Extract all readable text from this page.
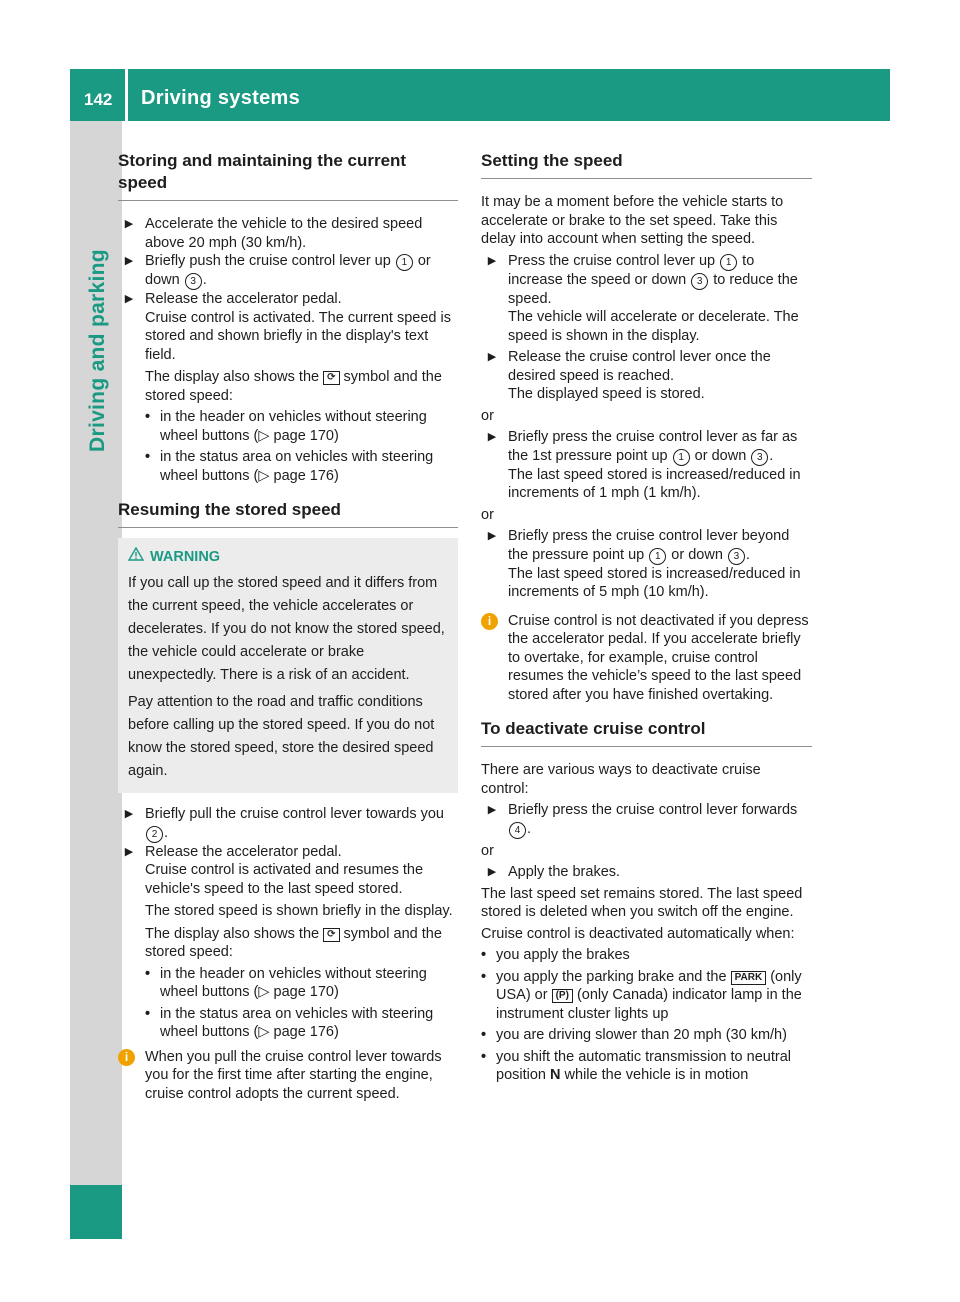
142 Driving systems
Driving and parking
Storing and maintaining the current speed
▶ Accelerate the vehicle to the desired speed above 20 mph (30 km/h).

▶ Briefly push the cruise control lever up 1 or down 3 .

▶ Release the accelerator pedal.

Cruise control is activated. The current speed is stored and shown briefly in the display's text field.
The display also shows the ⟳ symbol and the stored speed:
• in the header on vehicles without steering wheel buttons (▷ page 170)
• in the status area on vehicles with steering wheel buttons (▷ page 176)
Resuming the stored speed
WARNING

If you call up the stored speed and it differs from the current speed, the vehicle accelerates or decelerates. If you do not know the stored speed, the vehicle could accelerate or brake unexpectedly. There is a risk of an accident.

Pay attention to the road and traffic conditions before calling up the stored speed. If you do not know the stored speed, store the desired speed again.

▶ Briefly pull the cruise control lever towards you 2 .

▶ Release the accelerator pedal.

Cruise control is activated and resumes the vehicle's speed to the last speed stored.
The stored speed is shown briefly in the display.
The display also shows the ⟳ symbol and the stored speed:
• in the header on vehicles without steering wheel buttons (▷ page 170)
• in the status area on vehicles with steering wheel buttons (▷ page 176)
i	When you pull the cruise control lever towards you for the first time after starting the engine, cruise control adopts the current speed.

Setting the speed

It may be a moment before the vehicle starts to accelerate or brake to the set speed. Take this delay into account when setting the speed.

▶ Press the cruise control lever up 1 to increase the speed or down 3 to reduce the speed.

The vehicle will accelerate or decelerate. The speed is shown in the display.
▶ Release the cruise control lever once the desired speed is reached.

The displayed speed is stored.

or

▶ Briefly press the cruise control lever as far as the 1st pressure point up 1 or down 3 .

The last speed stored is increased/reduced in increments of 1 mph (1 km/h).

or

▶ Briefly press the cruise control lever beyond the pressure point up 1 or down 3 .

The last speed stored is increased/reduced in increments of 5 mph (10 km/h).
i	Cruise control is not deactivated if you depress the accelerator pedal. If you accelerate briefly to overtake, for example, cruise control resumes the vehicle’s speed to the last speed stored after you have finished overtaking.

To deactivate cruise control

There are various ways to deactivate cruise control:

▶ Briefly press the cruise control lever forwards 4 .

or

▶ Apply the brakes.

The last speed set remains stored. The last speed stored is deleted when you switch off the engine.

Cruise control is deactivated automatically when:

• you apply the brakes
• you apply the parking brake and the PARK (only USA) or (P) (only Canada) indicator lamp in the instrument cluster lights up
• you are driving slower than 20 mph (30 km/h)
• you shift the automatic transmission to neutral position N while the vehicle is in motion
